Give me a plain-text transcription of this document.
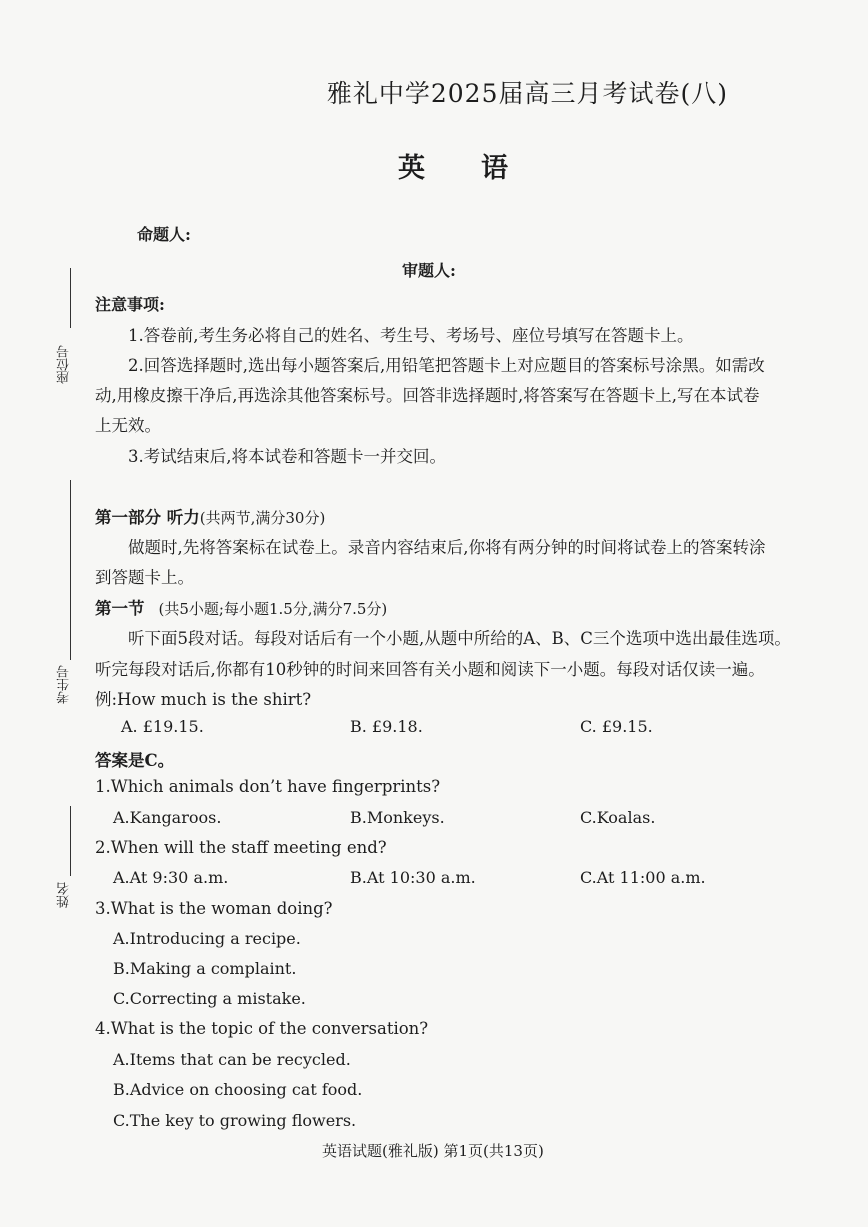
座位号
考生号
姓名
雅礼中学2025届高三月考试卷(八)
英语
命题人:
审题人:
注意事项:
1.答卷前,考生务必将自己的姓名、考生号、考场号、座位号填写在答题卡上。
2.回答选择题时,选出每小题答案后,用铅笔把答题卡上对应题目的答案标号涂黑。如需改
动,用橡皮擦干净后,再选涂其他答案标号。回答非选择题时,将答案写在答题卡上,写在本试卷
上无效。
3.考试结束后,将本试卷和答题卡一并交回。
第一部分 听力(共两节,满分30分)
做题时,先将答案标在试卷上。录音内容结束后,你将有两分钟的时间将试卷上的答案转涂
到答题卡上。
第一节 (共5小题;每小题1.5分,满分7.5分)
听下面5段对话。每段对话后有一个小题,从题中所给的A、B、C三个选项中选出最佳选项。
听完每段对话后,你都有10秒钟的时间来回答有关小题和阅读下一小题。每段对话仅读一遍。
例:How much is the shirt?
A. £19.15.	B. £9.18.	C. £9.15.
答案是C。
1.Which animals don’t have fingerprints?
A.Kangaroos.	B.Monkeys.	C.Koalas.
2.When will the staff meeting end?
A.At 9:30 a.m.	B.At 10:30 a.m.	C.At 11:00 a.m.
3.What is the woman doing?
A.Introducing a recipe.
B.Making a complaint.
C.Correcting a mistake.
4.What is the topic of the conversation?
A.Items that can be recycled.
B.Advice on choosing cat food.
C.The key to growing flowers.
英语试题(雅礼版) 第1页(共13页)
